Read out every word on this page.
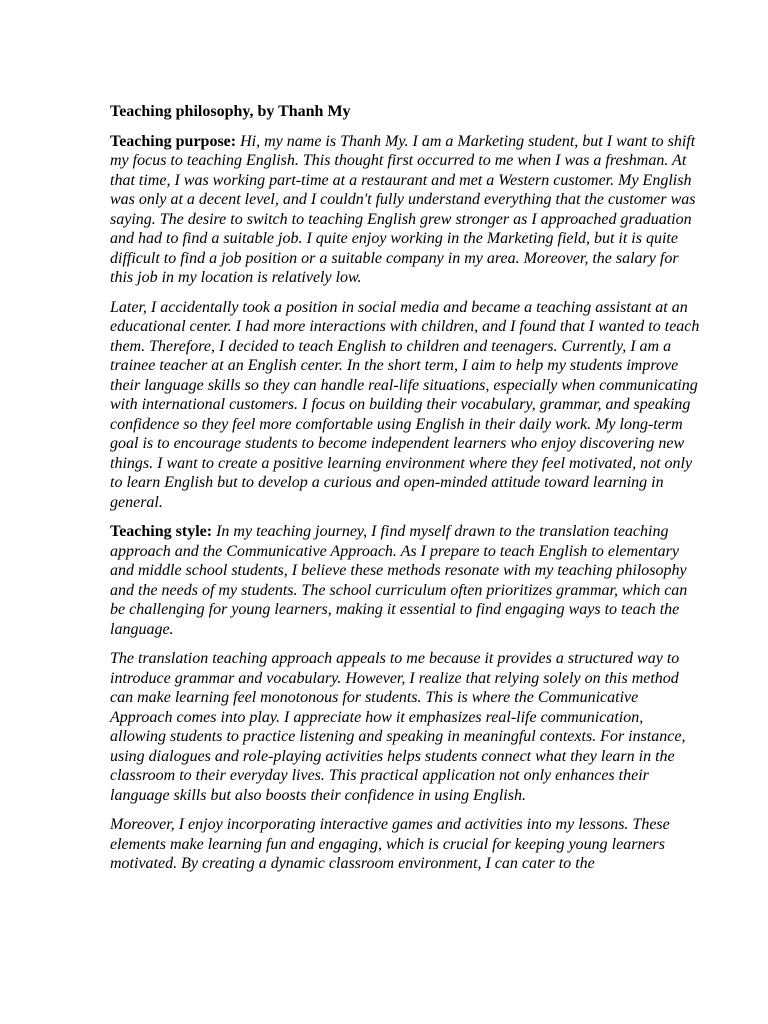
Teaching philosophy, by Thanh My

Teaching purpose: Hi, my name is Thanh My. I am a Marketing student, but I want to shift my focus to teaching English. This thought first occurred to me when I was a freshman. At that time, I was working part-time at a restaurant and met a Western customer. My English was only at a decent level, and I couldn't fully understand everything that the customer was saying. The desire to switch to teaching English grew stronger as I approached graduation and had to find a suitable job. I quite enjoy working in the Marketing field, but it is quite difficult to find a job position or a suitable company in my area. Moreover, the salary for this job in my location is relatively low.

Later, I accidentally took a position in social media and became a teaching assistant at an educational center. I had more interactions with children, and I found that I wanted to teach them. Therefore, I decided to teach English to children and teenagers. Currently, I am a trainee teacher at an English center. In the short term, I aim to help my students improve their language skills so they can handle real-life situations, especially when communicating with international customers. I focus on building their vocabulary, grammar, and speaking confidence so they feel more comfortable using English in their daily work. My long-term goal is to encourage students to become independent learners who enjoy discovering new things. I want to create a positive learning environment where they feel motivated, not only to learn English but to develop a curious and open-minded attitude toward learning in general.

Teaching style: In my teaching journey, I find myself drawn to the translation teaching approach and the Communicative Approach. As I prepare to teach English to elementary and middle school students, I believe these methods resonate with my teaching philosophy and the needs of my students. The school curriculum often prioritizes grammar, which can be challenging for young learners, making it essential to find engaging ways to teach the language.

The translation teaching approach appeals to me because it provides a structured way to introduce grammar and vocabulary. However, I realize that relying solely on this method can make learning feel monotonous for students. This is where the Communicative Approach comes into play. I appreciate how it emphasizes real-life communication, allowing students to practice listening and speaking in meaningful contexts. For instance, using dialogues and role-playing activities helps students connect what they learn in the classroom to their everyday lives. This practical application not only enhances their language skills but also boosts their confidence in using English.

Moreover, I enjoy incorporating interactive games and activities into my lessons. These elements make learning fun and engaging, which is crucial for keeping young learners motivated. By creating a dynamic classroom environment, I can cater to the
